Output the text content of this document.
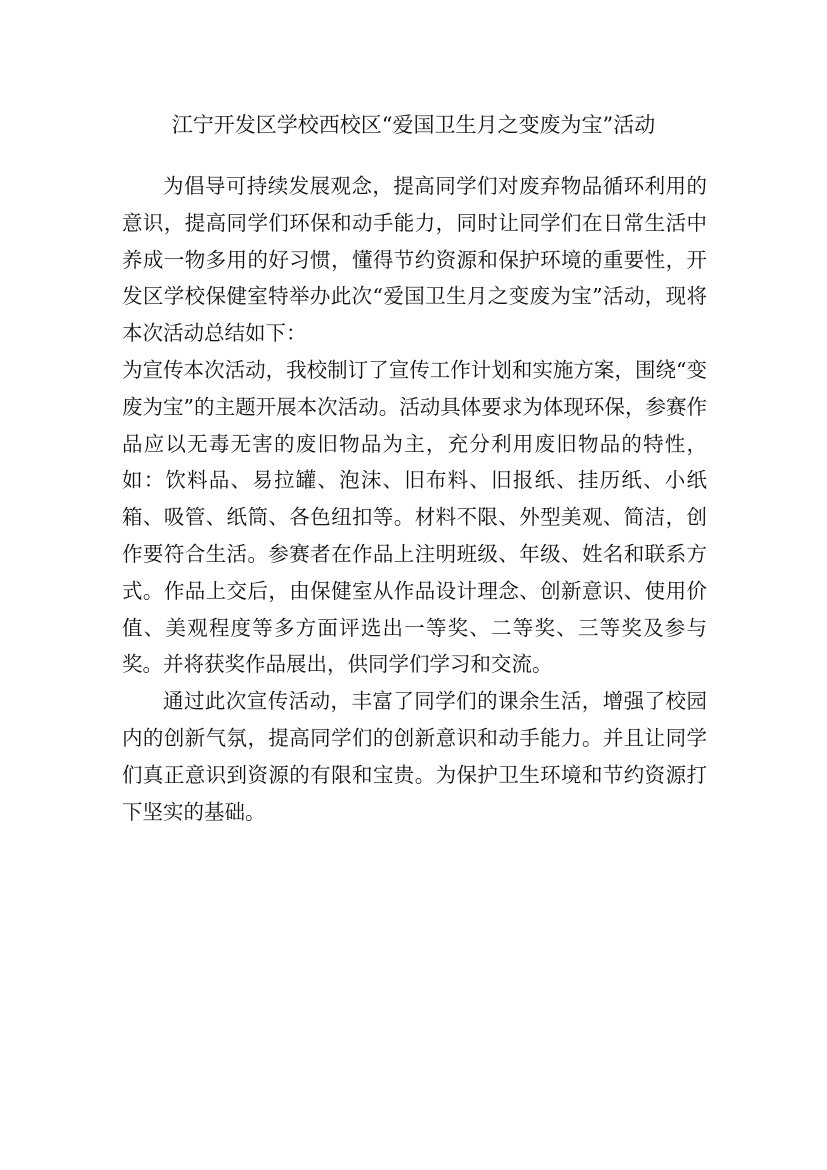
江宁开发区学校西校区“爱国卫生月之变废为宝”活动

为倡导可持续发展观念，提高同学们对废弃物品循环利用的意识，提高同学们环保和动手能力，同时让同学们在日常生活中养成一物多用的好习惯，懂得节约资源和保护环境的重要性，开发区学校保健室特举办此次“爱国卫生月之变废为宝”活动，现将本次活动总结如下：

为宣传本次活动，我校制订了宣传工作计划和实施方案，围绕“变废为宝”的主题开展本次活动。活动具体要求为体现环保，参赛作品应以无毒无害的废旧物品为主，充分利用废旧物品的特性，如：饮料品、易拉罐、泡沫、旧布料、旧报纸、挂历纸、小纸箱、吸管、纸筒、各色纽扣等。材料不限、外型美观、简洁，创作要符合生活。参赛者在作品上注明班级、年级、姓名和联系方式。作品上交后，由保健室从作品设计理念、创新意识、使用价值、美观程度等多方面评选出一等奖、二等奖、三等奖及参与奖。并将获奖作品展出，供同学们学习和交流。

通过此次宣传活动，丰富了同学们的课余生活，增强了校园内的创新气氛，提高同学们的创新意识和动手能力。并且让同学们真正意识到资源的有限和宝贵。为保护卫生环境和节约资源打下坚实的基础。
